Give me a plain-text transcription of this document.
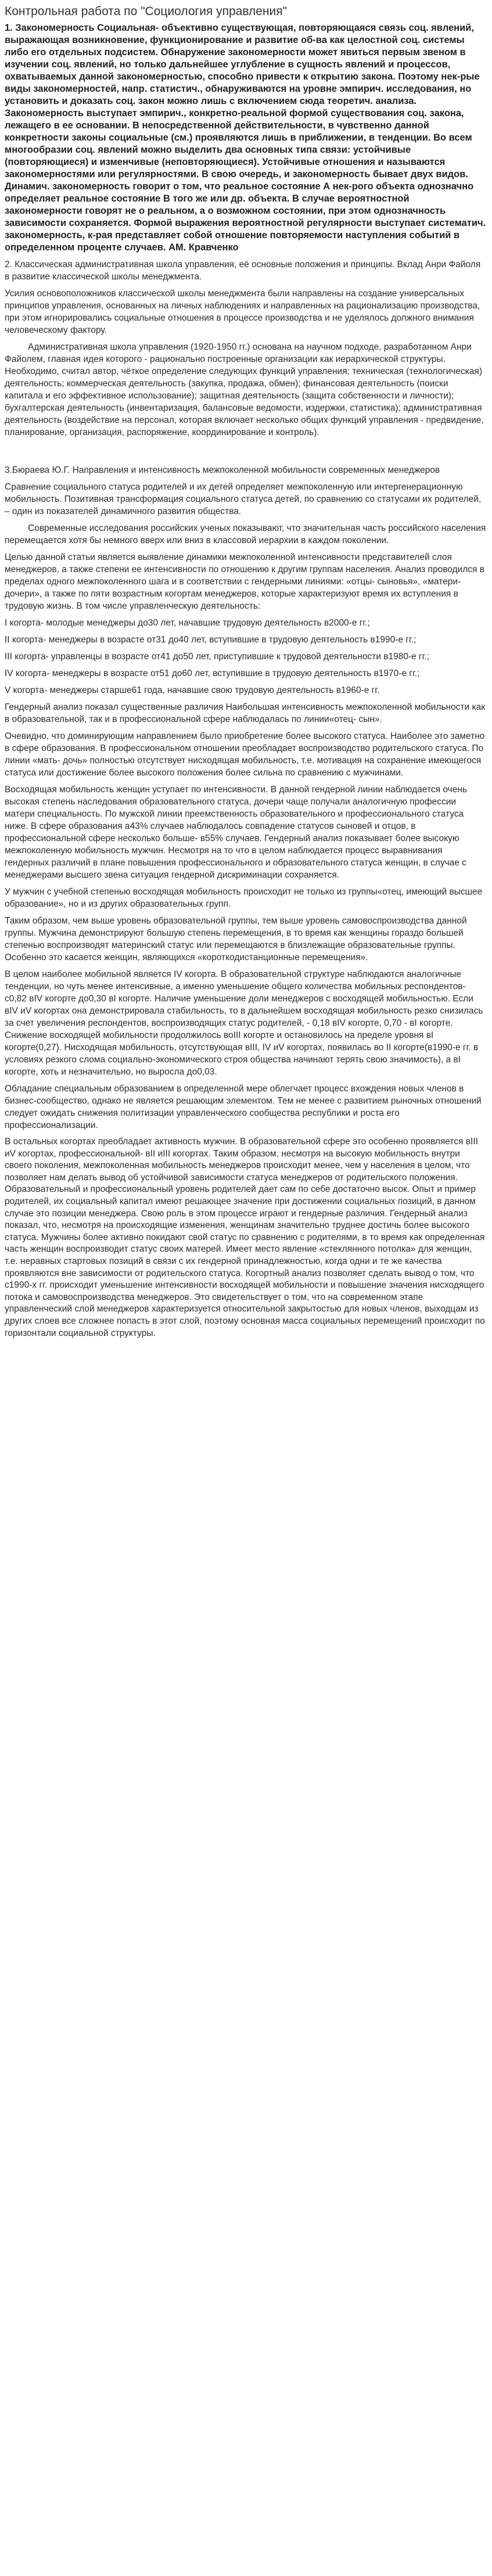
Контрольная работа по "Социология управления"

1. Закономерность Социальная- объективно существующая, повторяющаяся связь соц. явлений, выражающая возникновение, функционирование и развитие об-ва как целостной соц. системы либо его отдельных подсистем. Обнаружение закономерности может явиться первым звеном в изучении соц. явлений, но только дальнейшее углубление в сущность явлений и процессов, охватываемых данной закономерностью, способно привести к открытию закона. Поэтому нек-рые виды закономерностей, напр. статистич., обнаруживаются на уровне эмпирич. исследования, но установить и доказать соц. закон можно лишь с включением сюда теоретич. анализа. Закономерность выступает эмпирич., конкретно-реальной формой существования соц. закона, лежащего в ее основании. В непосредственной действительности, в чувственно данной конкретности законы социальные (см.) проявляются лишь в приближении, в тенденции. Во всем многообразии соц. явлений можно выделить два основных типа связи: устойчивые (повторяющиеся) и изменчивые (неповторяющиеся). Устойчивые отношения и называются закономерностями или регулярностями. В свою очередь, и закономерность бывает двух видов. Динамич. закономерность говорит о том, что реальное состояние А нек-рого объекта однозначно определяет реальное состояние В того же или др. объекта. В случае вероятностной закономерности говорят не о реальном, а о возможном состоянии, при этом однозначность зависимости сохраняется. Формой выражения вероятностной регулярности выступает систематич. закономерность, к-рая представляет собой отношение повторяемости наступления событий в определенном проценте случаев. АМ. Кравченко

2. Классическая административная школа управления, её основные положения и принципы. Вклад Анри Файоля в развитие классической школы менеджмента.

Усилия основоположников классической школы менеджмента были направлены на создание универсальных принципов управления, основанных на личных наблюдениях и направленных на рационализацию производства, при этом игнорировались социальные отношения в процессе производства и не уделялось должного внимания человеческому фактору.

Административная школа управления (1920-1950 гг.) основана на научном подходе, разработанном Анри Файолем, главная идея которого - рационально построенные организации как иерархической структуры. Необходимо, считал автор, чёткое определение следующих функций управления: техническая (технологическая) деятельность; коммерческая деятельность (закупка, продажа, обмен); финансовая деятельность (поиски капитала и его эффективное использование); защитная деятельность (защита собственности и личности); бухгалтерская деятельность (инвентаризация, балансовые ведомости, издержки, статистика); административная деятельность (воздействие на персонал, которая включает несколько общих функций управления - предвидение, планирование, организация, распоряжение, координирование и контроль).

3.Бюраева Ю.Г. Направления и интенсивность межпоколенной мобильности современных менеджеров

Сравнение социального статуса родителей и их детей определяет межпоколенную или интергенерационную мобильность. Позитивная трансформация социального статуса детей, по сравнению со статусами их родителей, – один из показателей динамичного развития общества.

Современные исследования российских ученых показывают, что значительная часть российского населения перемещается хотя бы немного вверх или вниз в классовой иерархии в каждом поколении.

Целью данной статьи является выявление динамики межпоколенной интенсивности представителей слоя менеджеров, а также степени ее интенсивности по отношению к другим группам населения. Анализ проводился в пределах одного межпоколенного шага и в соответствии с гендерными линиями: «отцы- сыновья», «матери- дочери», а также по пяти возрастным когортам менеджеров, которые характеризуют время их вступления в трудовую жизнь. В том числе управленческую деятельность:

I когорта- молодые менеджеры до30 лет, начавшие трудовую деятельность в2000-е гг.;

II когорта- менеджеры в возрасте от31 до40 лет, вступившие в трудовую деятельность в1990-е гг.;

III когорта- управленцы в возрасте от41 до50 лет, приступившие к трудовой деятельности в1980-е гг.;

IV когорта- менеджеры в возрасте от51 до60 лет, вступившие в трудовую деятельность в1970-е гг.;

V когорта- менеджеры старше61 года, начавшие свою трудовую деятельность в1960-е гг.

Гендерный анализ показал существенные различия Наибольшая интенсивность межпоколенной мобильности как в образовательной, так и в профессиональной сфере наблюдалась по линии«отец- сын».

Очевидно, что доминирующим направлением было приобретение более высокого статуса. Наиболее это заметно в сфере образования. В профессиональном отношении преобладает воспроизводство родительского статуса. По линии «мать- дочь» полностью отсутствует нисходящая мобильность, т.е. мотивация на сохранение имеющегося статуса или достижение более высокого положения более сильна по сравнению с мужчинами.

Восходящая мобильность женщин уступает по интенсивности. В данной гендерной линии наблюдается очень высокая степень наследования образовательного статуса, дочери чаще получали аналогичную профессии матери специальность. По мужской линии преемственность образовательного и профессионального статуса ниже. В сфере образования а43% случаев наблюдалось совпадение статусов сыновей и отцов, в профессиональной сфере несколько больше- в55% случаев. Гендерный анализ показывает более высокую межпоколенную мобильность мужчин. Несмотря на то что в целом наблюдается процесс выравнивания гендерных различий в плане повышения профессионального и образовательного статуса женщин, в случае с менеджерами высшего звена ситуация гендерной дискриминации сохраняется.

У мужчин с учебной степенью восходящая мобильность происходит не только из группы«отец, имеющий высшее образование», но и из других образовательных групп.

Таким образом, чем выше уровень образовательной группы, тем выше уровень самовоспроизводства данной группы. Мужчина демонстрируют большую степень перемещения, в то время как женщины гораздо большей степенью воспроизводят материнский статус или перемещаются в близлежащие образовательные группы. Особенно это касается женщин, являющихся «короткодистанционные перемещения».

В целом наиболее мобильной является IV когорта. В образовательной структуре наблюдаются аналогичные тенденции, но чуть менее интенсивные, а именно уменьшение общего количества мобильных респондентов- с0,82 вIV когорте до0,30 вI когорте. Наличие уменьшение доли менеджеров с восходящей мобильностью. Если вIV иV когортах она демонстрировала стабильность, то в дальнейшем восходящая мобильность резко снизилась за счет увеличения респондентов, воспроизводящих статус родителей, - 0,18 вIV когорте, 0,70 - вI когорте. Снижение восходящей мобильности продолжилось воIII когорте и остановилось на пределе уровня вI когорте(0,27). Нисходящая мобильность, отсутствующая вIII, IV иV когортах, появилась во II когорте(в1990-е гг. в условиях резкого слома социально-экономического строя общества начинают терять свою значимость), а вI когорте, хоть и незначительно, но выросла до0,03.

Обладание специальным образованием в определенной мере облегчает процесс вхождения новых членов в бизнес-сообщество, однако не является решающим элементом. Тем не менее с развитием рыночных отношений следует ожидать снижения политизации управленческого сообщества республики и роста его профессионализации.

В остальных когортах преобладает активность мужчин. В образовательной сфере это особенно проявляется вIII иV когортах, профессиональной- вII иIII когортах. Таким образом, несмотря на высокую мобильность внутри своего поколения, межпоколенная мобильность менеджеров происходит менее, чем у населения в целом, что позволяет нам делать вывод об устойчивой зависимости статуса менеджеров от родительского положения. Образовательный и профессиональный уровень родителей дает сам по себе достаточно высок. Опыт и пример родителей, их социальный капитал имеют решающее значение при достижении социальных позиций, в данном случае это позиции менеджера. Свою роль в этом процессе играют и гендерные различия. Гендерный анализ показал, что, несмотря на происходящие изменения, женщинам значительно труднее достичь более высокого статуса. Мужчины более активно покидают свой статус по сравнению с родителями, в то время как определенная часть женщин воспроизводит статус своих матерей. Имеет место явление «стеклянного потолка» для женщин, т.е. неравных стартовых позиций в связи с их гендерной принадлежностью, когда одни и те же качества проявляются вне зависимости от родительского статуса. Когортный анализ позволяет сделать вывод о том, что с1990-х гг. происходит уменьшение интенсивности восходящей мобильности и повышение значения нисходящего потока и самовоспроизводства менеджеров. Это свидетельствует о том, что на современном этапе управленческий слой менеджеров характеризуется относительной закрытостью для новых членов, выходцам из других слоев все сложнее попасть в этот слой, поэтому основная масса социальных перемещений происходит по горизонтали социальной структуры.
